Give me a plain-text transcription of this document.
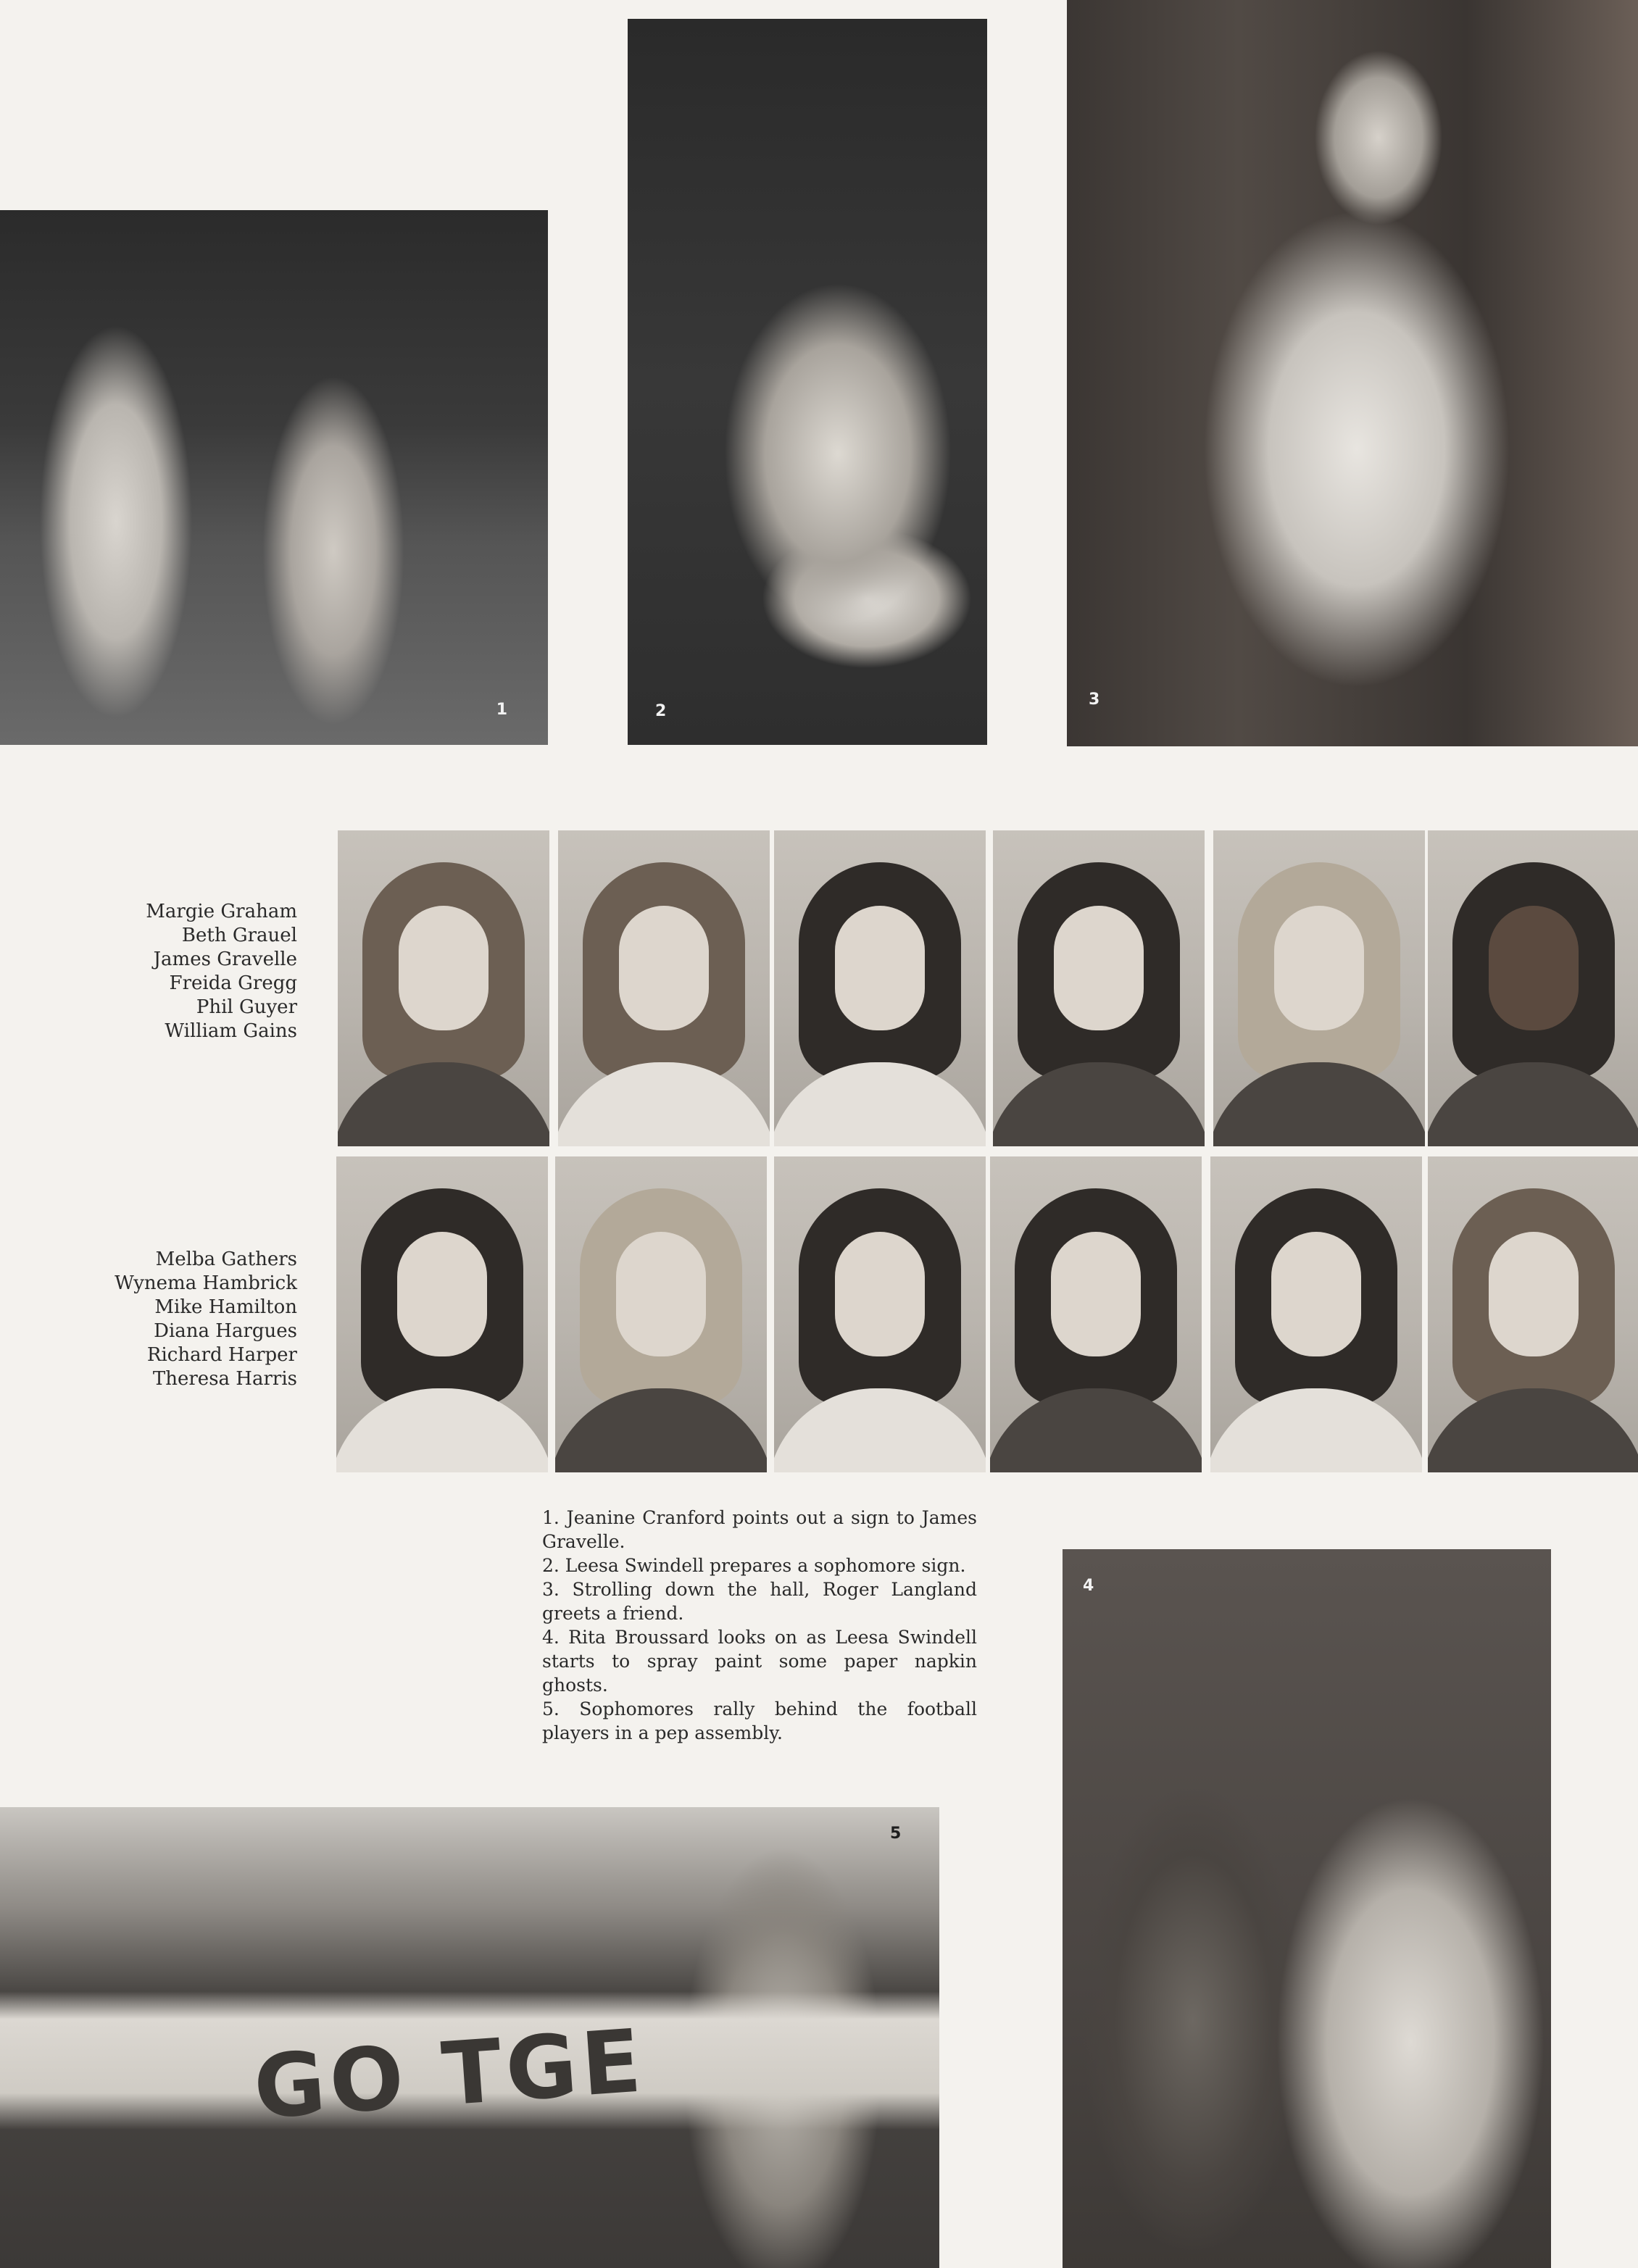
1	2
3
4
GO TGE
5
Margie Graham
Beth Grauel
James Gravelle
Freida Gregg
Phil Guyer
William Gains
Melba Gathers
Wynema Hambrick
Mike Hamilton
Diana Hargues
Richard Harper
Theresa Harris

1. Jeanine Cranford points out a sign to James Gravelle.

2. Leesa Swindell prepares a sophomore sign.

3. Strolling down the hall, Roger Langland greets a friend.

4. Rita Broussard looks on as Leesa Swindell starts to spray paint some paper napkin ghosts.

5. Sophomores rally behind the football players in a pep assembly.
